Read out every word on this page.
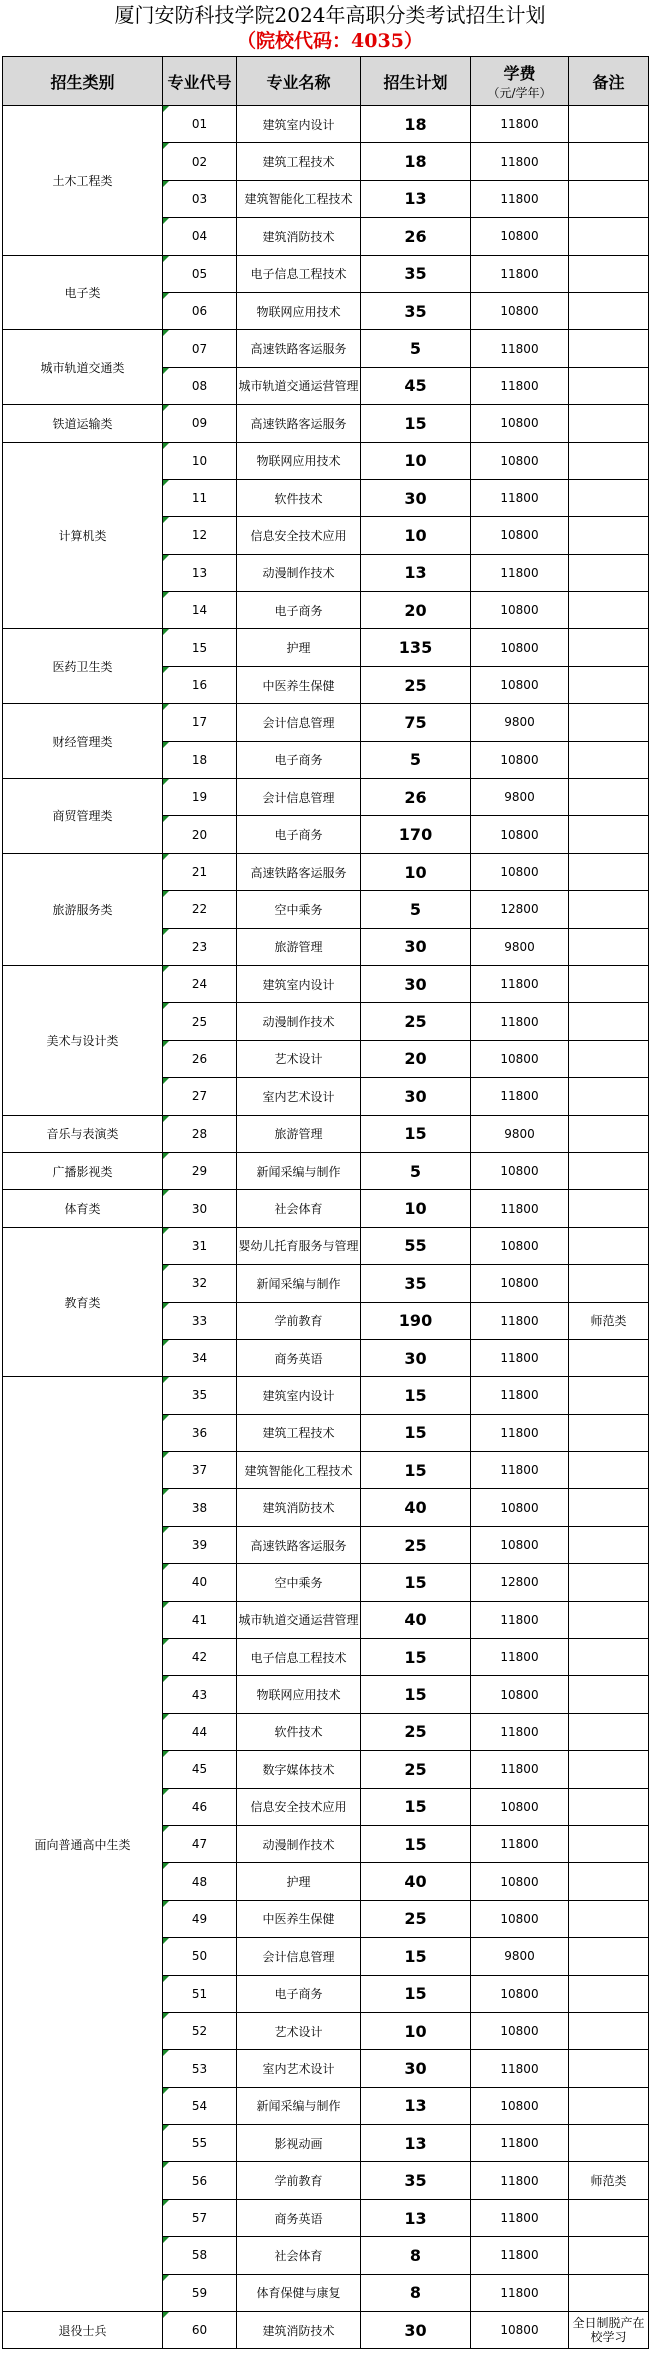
厦门安防科技学院2024年高职分类考试招生计划
（院校代码：4035）
招生类别	专业代号	专业名称	招生计划	学费
（元/学年）	备注
土木工程类	01	建筑室内设计	18	11800	

02	建筑工程技术	18	11800	

03	建筑智能化工程技术	13	11800	

04	建筑消防技术	26	10800	
电子类	05	电子信息工程技术	35	11800	

06	物联网应用技术	35	10800	
城市轨道交通类	07	高速铁路客运服务	5	11800	

08	城市轨道交通运营管理	45	11800	
铁道运输类	09	高速铁路客运服务	15	10800	
计算机类	10	物联网应用技术	10	10800	

11	软件技术	30	11800	

12	信息安全技术应用	10	10800	

13	动漫制作技术	13	11800	

14	电子商务	20	10800	
医药卫生类	15	护理	135	10800	

16	中医养生保健	25	10800	
财经管理类	17	会计信息管理	75	9800	

18	电子商务	5	10800	
商贸管理类	19	会计信息管理	26	9800	

20	电子商务	170	10800	
旅游服务类	21	高速铁路客运服务	10	10800	

22	空中乘务	5	12800	

23	旅游管理	30	9800	
美术与设计类	24	建筑室内设计	30	11800	

25	动漫制作技术	25	11800	

26	艺术设计	20	10800	

27	室内艺术设计	30	11800	
音乐与表演类	28	旅游管理	15	9800	
广播影视类	29	新闻采编与制作	5	10800	
体育类	30	社会体育	10	11800	
教育类	31	婴幼儿托育服务与管理	55	10800	

32	新闻采编与制作	35	10800	

33	学前教育	190	11800	师范类

34	商务英语	30	11800	
面向普通高中生类	35	建筑室内设计	15	11800	

36	建筑工程技术	15	11800	

37	建筑智能化工程技术	15	11800	

38	建筑消防技术	40	10800	

39	高速铁路客运服务	25	10800	

40	空中乘务	15	12800	

41	城市轨道交通运营管理	40	11800	

42	电子信息工程技术	15	11800	

43	物联网应用技术	15	10800	

44	软件技术	25	11800	

45	数字媒体技术	25	11800	

46	信息安全技术应用	15	10800	

47	动漫制作技术	15	11800	

48	护理	40	10800	

49	中医养生保健	25	10800	

50	会计信息管理	15	9800	

51	电子商务	15	10800	

52	艺术设计	10	10800	

53	室内艺术设计	30	11800	

54	新闻采编与制作	13	10800	

55	影视动画	13	11800	

56	学前教育	35	11800	师范类

57	商务英语	13	11800	

58	社会体育	8	11800	

59	体育保健与康复	8	11800	
退役士兵	60	建筑消防技术	30	10800	全日制脱产在校学习
